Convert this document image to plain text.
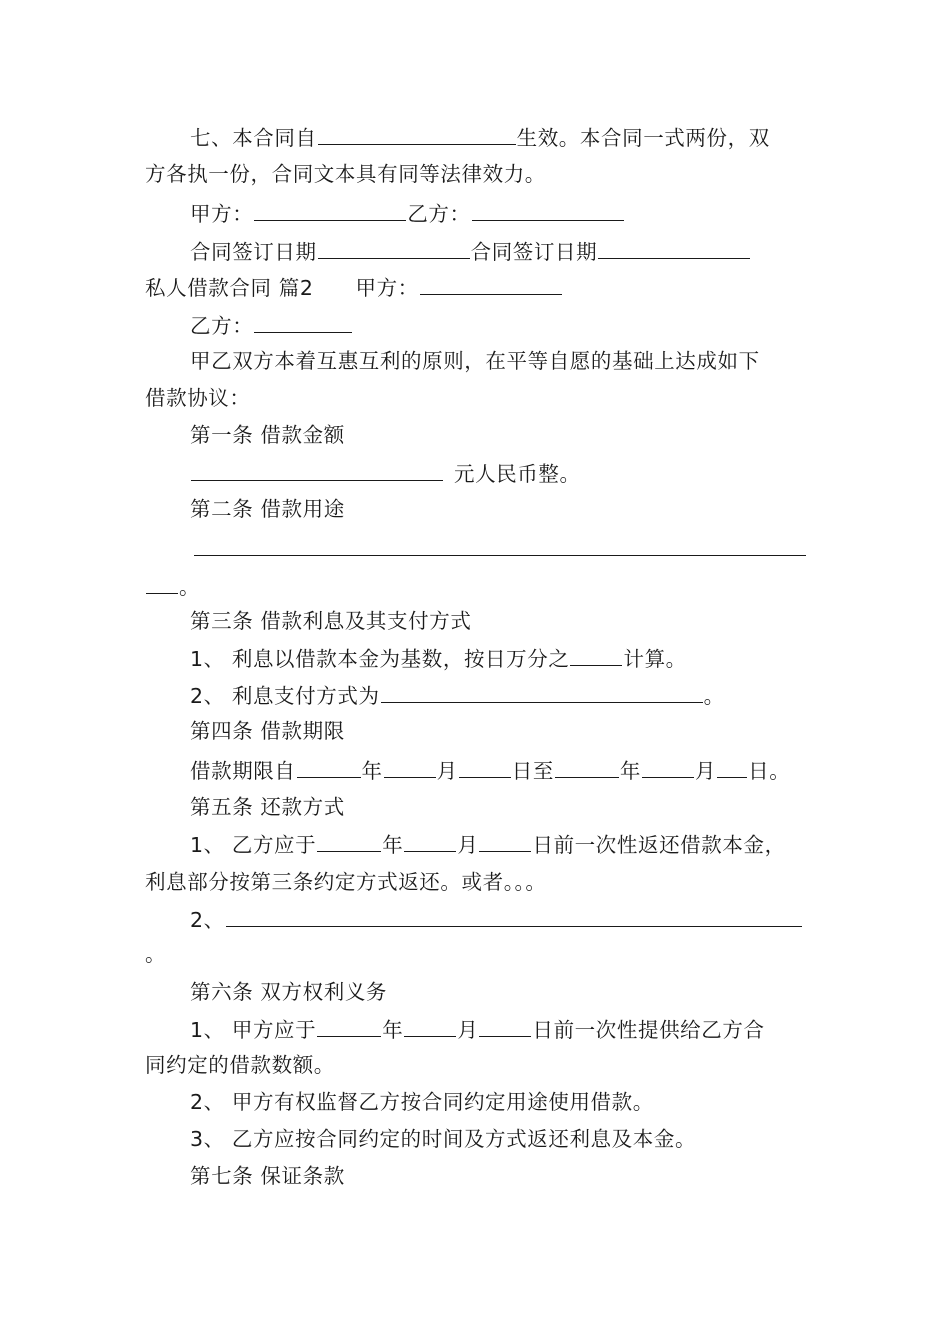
七、本合同自	生效。本合同一式两份，双
方各执一份，合同文本具有同等法律效力。
甲方：	乙方：
合同签订日期	合同签订日期
私人借款合同 篇2 甲方：
乙方：
甲乙双方本着互惠互利的原则，在平等自愿的基础上达成如下
借款协议：
第一条 借款金额
元人民币整。
第二条 借款用途
。
第三条 借款利息及其支付方式
1、 利息以借款本金为基数，按日万分之	计算。
2、 利息支付方式为	。
第四条 借款期限
借款期限自	年	月	日至	年	月 日。
第五条 还款方式
1、 乙方应于	年	月	日前一次性返还借款本金，
利息部分按第三条约定方式返还。或者。。。
2、
。
第六条 双方权利义务
1、 甲方应于	年	月	日前一次性提供给乙方合
同约定的借款数额。
2、 甲方有权监督乙方按合同约定用途使用借款。
3、 乙方应按合同约定的时间及方式返还利息及本金。
第七条 保证条款
